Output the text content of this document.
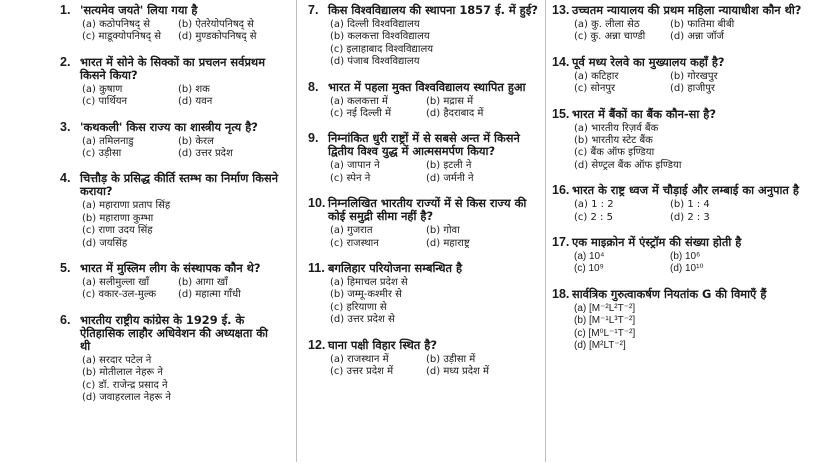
1. 'सत्यमेव जयते' लिया गया है
(a) कठोपनिषद् से	(b) ऐतरेयोपनिषद् से
(c) माडूक्योपनिषद् से (d) मुण्डकोपनिषद् से
2. भारत में सोने के सिक्कों का प्रचलन सर्वप्रथम किसने किया?
(a) कुषाण	(b) शक
(c) पार्थियन	(d) यवन
3. 'कथकली' किस राज्य का शास्त्रीय नृत्य है?
(a) तमिलनाडु	(b) केरल
(c) उड़ीसा	(d) उत्तर प्रदेश
4. चित्तौड़ के प्रसिद्ध कीर्ति स्तम्भ का निर्माण किसने कराया?
(a) महाराणा प्रताप सिंह
(b) महाराणा कुम्भा
(c) राणा उदय सिंह
(d) जयसिंह
5. भारत में मुस्लिम लीग के संस्थापक कौन थे?
(a) सलीमुल्ला खाँ	(b) आगा खाँ
(c) वकार-उल-मुल्क (d) महात्मा गाँधी
6. भारतीय राष्ट्रीय कांग्रेस के 1929 ई. के ऐतिहासिक लाहौर अधिवेशन की अध्यक्षता की थी
(a) सरदार पटेल ने
(b) मोतीलाल नेहरू ने
(c) डॉ. राजेन्द्र प्रसाद ने
(d) जवाहरलाल नेहरू ने
7. किस विश्वविद्यालय की स्थापना 1857 ई. में हुई?
(a) दिल्ली विश्वविद्यालय
(b) कलकत्ता विश्वविद्यालय
(c) इलाहाबाद विश्वविद्यालय
(d) पंजाब विश्वविद्यालय
8. भारत में पहला मुक्त विश्वविद्यालय स्थापित हुआ
(a) कलकत्ता में	(b) मद्रास में
(c) नई दिल्ली में	(d) हैदराबाद में
9. निम्नांकित धुरी राष्ट्रों में से सबसे अन्त में किसने द्वितीय विश्व युद्ध में आत्मसमर्पण किया?
(a) जापान ने	(b) इटली ने
(c) स्पेन ने	(d) जर्मनी ने
10. निम्नलिखित भारतीय राज्यों में से किस राज्य की कोई समुद्री सीमा नहीं है?
(a) गुजरात	(b) गोवा
(c) राजस्थान	(d) महाराष्ट्र
11. बगलिहार परियोजना सम्बन्धित है
(a) हिमाचल प्रदेश से
(b) जम्मू-कश्मीर से
(c) हरियाणा से
(d) उत्तर प्रदेश से
12. घाना पक्षी विहार स्थित है?
(a) राजस्थान में	(b) उड़ीसा में
(c) उत्तर प्रदेश में	(d) मध्य प्रदेश में
13. उच्चतम न्यायालय की प्रथम महिला न्यायाधीश कौन थी?
(a) कु. लीला सेठ	(b) फातिमा बीबी
(c) कु. अन्ना चाण्डी (d) अन्ना जॉर्ज
14. पूर्व मध्य रेलवे का मुख्यालय कहाँ है?
(a) कटिहार	(b) गोरखपुर
(c) सोनपुर	(d) हाजीपुर
15. भारत में बैंकों का बैंक कौन-सा है?
(a) भारतीय रिज़र्व बैंक
(b) भारतीय स्टेट बैंक
(c) बैंक ऑफ इण्डिया
(d) सेण्ट्रल बैंक ऑफ इण्डिया
16. भारत के राष्ट्र ध्वज में चौड़ाई और लम्बाई का अनुपात है
(a) 1 : 2	(b) 1 : 4
(c) 2 : 5	(d) 2 : 3
17. एक माइक्रोन में एंस्ट्रॉम की संख्या होती है
(a) 10⁴	(b) 10⁶
(c) 10⁹	(d) 10¹⁰
18. सार्वत्रिक गुरुत्वाकर्षण नियतांक G की विमाएँ हैं
(a) [M⁻²L²T⁻²]
(b) [M⁻¹L³T⁻²]
(c) [M⁰L⁻¹T⁻²]
(d) [M²LT⁻²]
